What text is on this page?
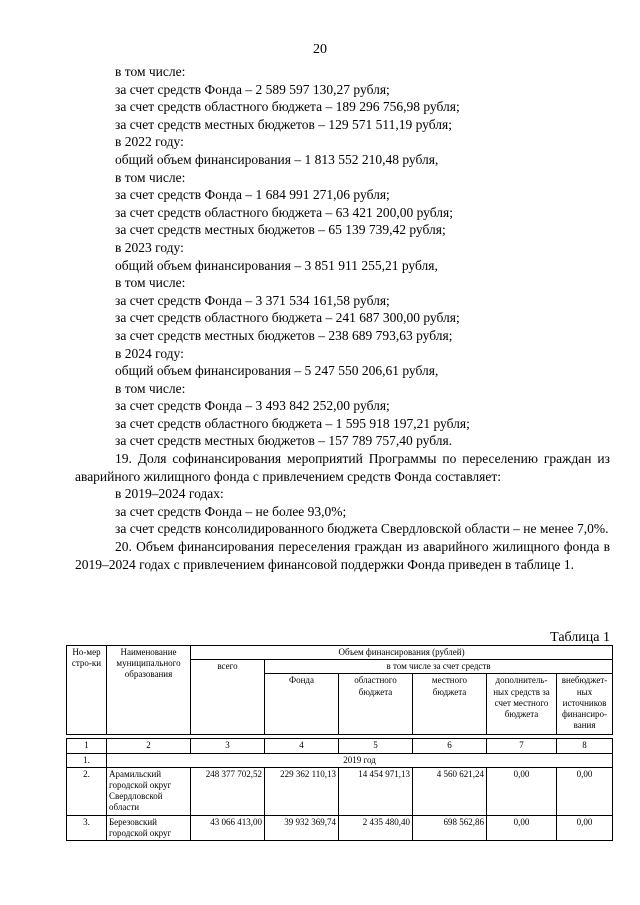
20

в том числе:

за счет средств Фонда – 2 589 597 130,27 рубля;

за счет средств областного бюджета – 189 296 756,98 рубля;

за счет средств местных бюджетов – 129 571 511,19 рубля;

в 2022 году:

общий объем финансирования – 1 813 552 210,48 рубля,

в том числе:

за счет средств Фонда – 1 684 991 271,06 рубля;

за счет средств областного бюджета – 63 421 200,00 рубля;

за счет средств местных бюджетов – 65 139 739,42 рубля;

в 2023 году:

общий объем финансирования – 3 851 911 255,21 рубля,

в том числе:

за счет средств Фонда – 3 371 534 161,58 рубля;

за счет средств областного бюджета – 241 687 300,00 рубля;

за счет средств местных бюджетов – 238 689 793,63 рубля;

в 2024 году:

общий объем финансирования – 5 247 550 206,61 рубля,

в том числе:

за счет средств Фонда – 3 493 842 252,00 рубля;

за счет средств областного бюджета – 1 595 918 197,21 рубля;

за счет средств местных бюджетов – 157 789 757,40 рубля.

19. Доля софинансирования мероприятий Программы по переселению граждан из аварийного жилищного фонда с привлечением средств Фонда составляет:

в 2019–2024 годах:

за счет средств Фонда – не более 93,0%;

за счет средств консолидированного бюджета Свердловской области – не менее 7,0%.

20. Объем финансирования переселения граждан из аварийного жилищного фонда в 2019–2024 годах с привлечением финансовой поддержки Фонда приведен в таблице 1.

Таблица 1
Но-мер стро-ки	Наименование муниципального образования	Объем финансирования (рублей)					
		всего	в том числе за счет средств				
			Фонда	областного бюджета	местного бюджета	дополнитель-ных средств за счет местного бюджета	внебюджет-ных источников финансиро-вания

1	2	3	4	5	6	7	8
1.	2019 год						
2.	Арамильский городской округ Свердловской области	248 377 702,52	229 362 110,13	14 454 971,13	4 560 621,24	0,00	0,00
3.	Березовский городской округ	43 066 413,00	39 932 369,74	2 435 480,40	698 562,86	0,00	0,00
